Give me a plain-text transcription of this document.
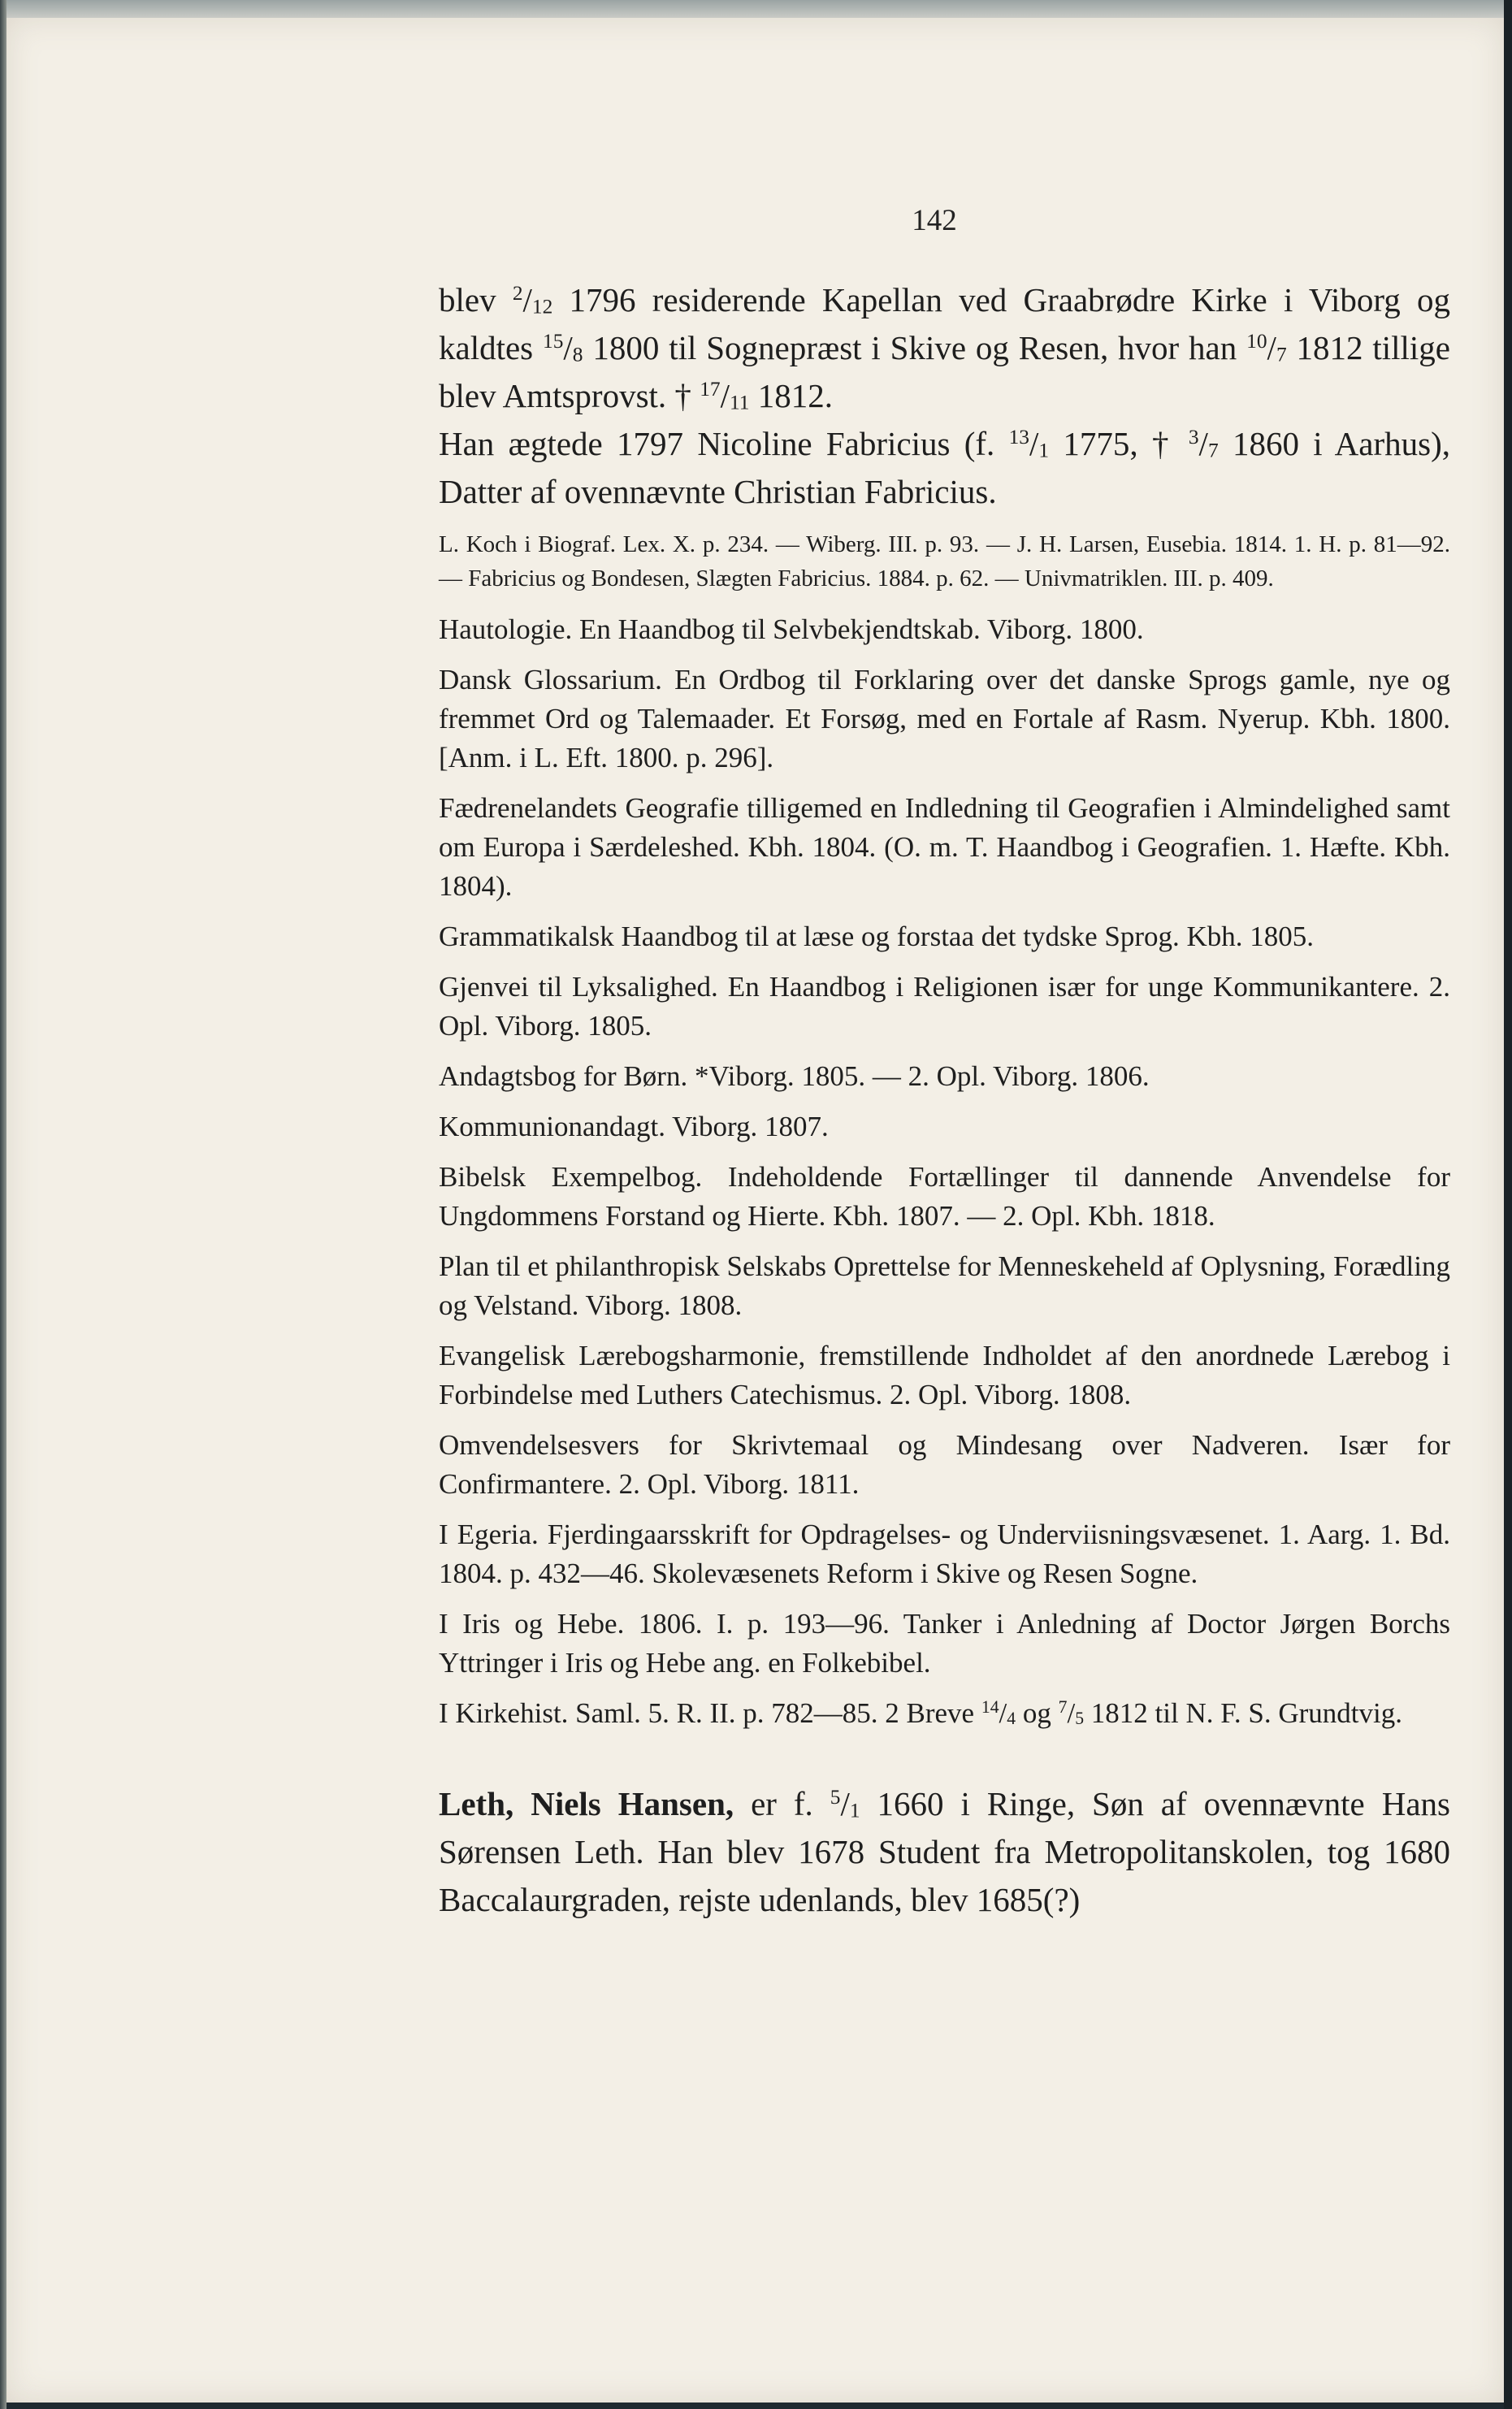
142

blev $^2/_{12}$ 1796 residerende Kapellan ved Graabrødre Kirke i Viborg og kaldtes $^{15}/_8$ 1800 til Sognepræst i Skive og Resen, hvor han $^{10}/_7$ 1812 tillige blev Amtsprovst. † $^{17}/_{11}$ 1812.

Han ægtede 1797 Nicoline Fabricius (f. $^{13}/_1$ 1775, † $^3/_7$ 1860 i Aarhus), Datter af ovennævnte Christian Fabricius.

L. Koch i Biograf. Lex. X. p. 234. — Wiberg. III. p. 93. — J. H. Larsen, Eusebia. 1814. 1. H. p. 81—92. — Fabricius og Bondesen, Slægten Fabricius. 1884. p. 62. — Univmatriklen. III. p. 409.

Hautologie. En Haandbog til Selvbekjendtskab. Viborg. 1800.

Dansk Glossarium. En Ordbog til Forklaring over det danske Sprogs gamle, nye og fremmet Ord og Talemaader. Et Forsøg, med en Fortale af Rasm. Nyerup. Kbh. 1800. [Anm. i L. Eft. 1800. p. 296].

Fædrenelandets Geografie tilligemed en Indledning til Geografien i Almindelighed samt om Europa i Særdeleshed. Kbh. 1804. (O. m. T. Haandbog i Geografien. 1. Hæfte. Kbh. 1804).

Grammatikalsk Haandbog til at læse og forstaa det tydske Sprog. Kbh. 1805.

Gjenvei til Lyksalighed. En Haandbog i Religionen især for unge Kommunikantere. 2. Opl. Viborg. 1805.

Andagtsbog for Børn. *Viborg. 1805. — 2. Opl. Viborg. 1806.

Kommunionandagt. Viborg. 1807.

Bibelsk Exempelbog. Indeholdende Fortællinger til dannende Anvendelse for Ungdommens Forstand og Hierte. Kbh. 1807. — 2. Opl. Kbh. 1818.

Plan til et philanthropisk Selskabs Oprettelse for Menneskeheld af Oplysning, Forædling og Velstand. Viborg. 1808.

Evangelisk Lærebogsharmonie, fremstillende Indholdet af den anordnede Lærebog i Forbindelse med Luthers Catechismus. 2. Opl. Viborg. 1808.

Omvendelsesvers for Skrivtemaal og Mindesang over Nadveren. Især for Confirmantere. 2. Opl. Viborg. 1811.

I Egeria. Fjerdingaarsskrift for Opdragelses- og Underviisningsvæsenet. 1. Aarg. 1. Bd. 1804. p. 432—46. Skolevæsenets Reform i Skive og Resen Sogne.

I Iris og Hebe. 1806. I. p. 193—96. Tanker i Anledning af Doctor Jørgen Borchs Yttringer i Iris og Hebe ang. en Folkebibel.

I Kirkehist. Saml. 5. R. II. p. 782—85. 2 Breve $^{14}/_4$ og $^7/_5$ 1812 til N. F. S. Grundtvig.

Leth, Niels Hansen, er f. $^5/_1$ 1660 i Ringe, Søn af ovennævnte Hans Sørensen Leth. Han blev 1678 Student fra Metropolitanskolen, tog 1680 Baccalaurgraden, rejste udenlands, blev 1685(?)
